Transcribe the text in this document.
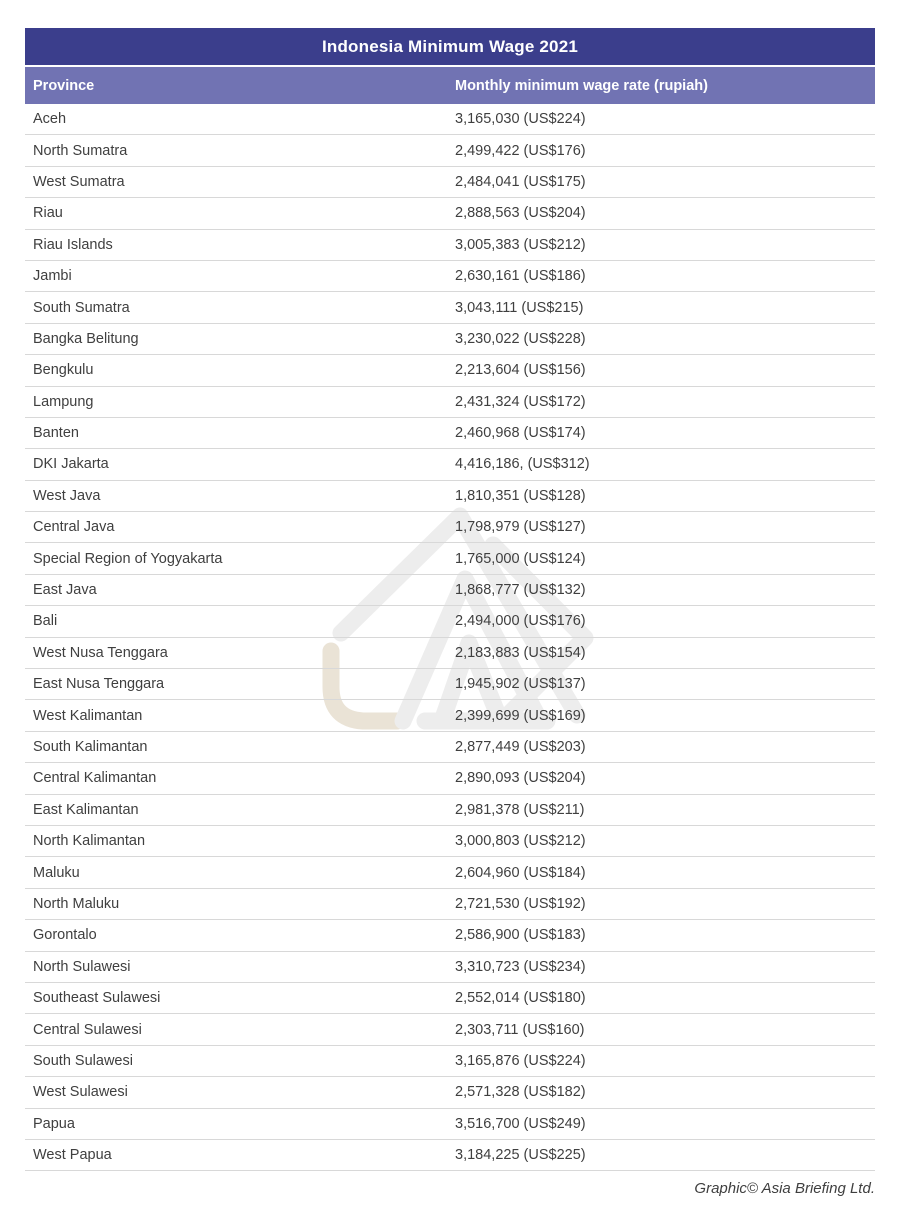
Indonesia Minimum Wage 2021
Province	Monthly minimum wage rate (rupiah)
Aceh	3,165,030 (US$224)
North Sumatra	2,499,422 (US$176)
West Sumatra	2,484,041 (US$175)
Riau	2,888,563 (US$204)
Riau Islands	3,005,383 (US$212)
Jambi	2,630,161 (US$186)
South Sumatra	3,043,111 (US$215)
Bangka Belitung	3,230,022 (US$228)
Bengkulu	2,213,604 (US$156)
Lampung	2,431,324 (US$172)
Banten	2,460,968 (US$174)
DKI Jakarta	4,416,186, (US$312)
West Java	1,810,351 (US$128)
Central Java	1,798,979 (US$127)
Special Region of Yogyakarta	1,765,000 (US$124)
East Java	1,868,777 (US$132)
Bali	2,494,000 (US$176)
West Nusa Tenggara	2,183,883 (US$154)
East Nusa Tenggara	1,945,902 (US$137)
West Kalimantan	2,399,699 (US$169)
South Kalimantan	2,877,449 (US$203)
Central Kalimantan	2,890,093 (US$204)
East Kalimantan	2,981,378 (US$211)
North Kalimantan	3,000,803 (US$212)
Maluku	2,604,960 (US$184)
North Maluku	2,721,530 (US$192)
Gorontalo	2,586,900 (US$183)
North Sulawesi	3,310,723 (US$234)
Southeast Sulawesi	2,552,014 (US$180)
Central Sulawesi	2,303,711 (US$160)
South Sulawesi	3,165,876 (US$224)
West Sulawesi	2,571,328 (US$182)
Papua	3,516,700 (US$249)
West Papua	3,184,225 (US$225)
Graphic© Asia Briefing Ltd.
